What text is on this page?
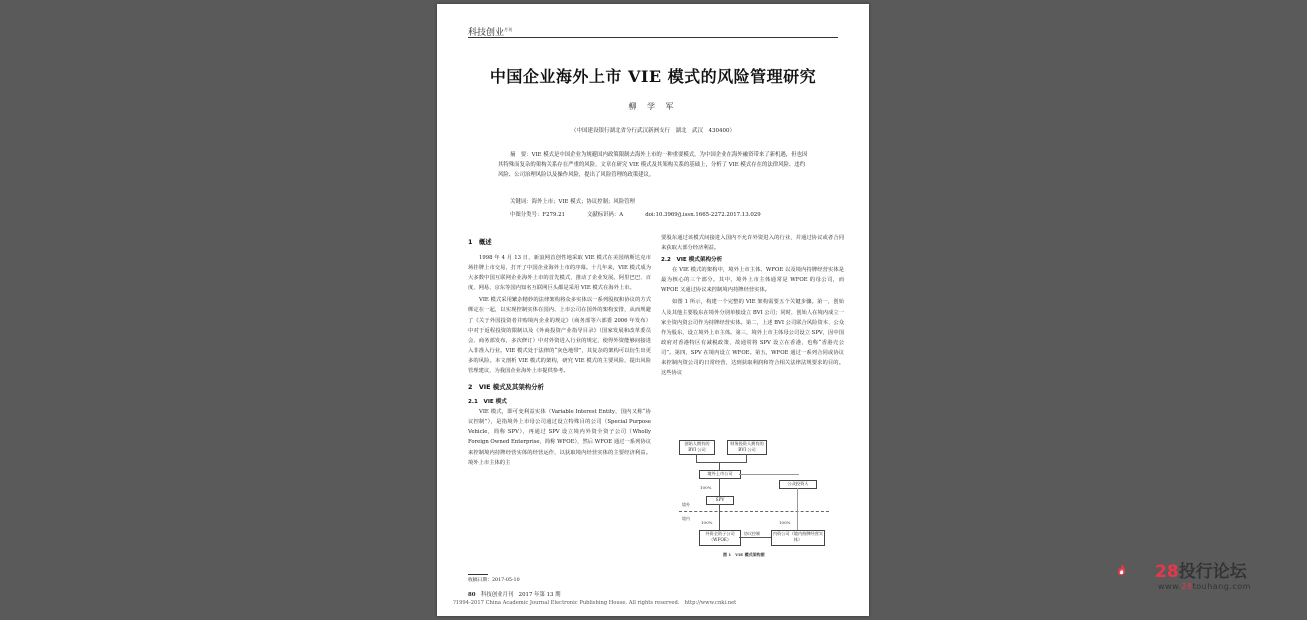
科技创业$^{月刊}$
中国企业海外上市 VIE 模式的风险管理研究
柳 学 军
（中国建设银行湖北省分行武汉新洲支行　湖北　武汉　430400）
摘　要：VIE 模式是中国企业为规避国内政策限制去海外上市的一种重要模式，为中国企业在海外融资带来了新机遇，但也因其特殊而复杂的架构关系存在严重的风险。文章在研究 VIE 模式及其架构关系的基础上，分析了 VIE 模式存在的法律风险、违约风险、公司治理风险以及操作风险，提出了风险管理的政策建议。
关键词：海外上市；VIE 模式；协议控制；风险管理
中图分类号：F279.21	文献标识码：A	doi:10.3969/j.issn.1665-2272.2017.13.029
1　概述
1998 年 4 月 13 日，新浪网首创性地采取 VIE 模式在美国纳斯达克市场挂牌上市交易，打开了中国企业海外上市的序幕。十几年来，VIE 模式成为大多数中国互联网企业海外上市的首先模式，推动了企业发展。阿里巴巴、百度、网易、京东等国内知名互联网巨头都是采用 VIE 模式在海外上市。
VIE 模式采用繁杂精妙的法律架构将众多实体以一系列股权和协议的方式绑定在一起，以实现控制实体在国内、上市公司在国外的架构安排，从而规避了《关于外国投资者并购境内企业的规定》（商务部等六部委 2006 年发布）中对于返程投资的限制以及《外商投资产业指导目录》（国家发展和改革委员会、商务部发布，多次修订）中对外资进入行业的规定，使得外资能够间接进入非准入行业。VIE 模式处于法律的“灰色地带”，其复杂的架构可以衍生出更多的风险。本文剖析 VIE 模式的架构，研究 VIE 模式的主要风险，提出风险管理建议，为我国企业海外上市提供参考。
2　VIE 模式及其架构分析
2.1　VIE 模式
VIE 模式，即可变利益实体（Variable Interest Entity，国内又称“协议控制”），是指境外上市母公司通过设立特殊目的公司（Special Purpose Vehicle，简称 SPV），再通过 SPV 设立境内外资全资子公司（Wholly Foreign Owned Enterprise，简称 WFOE），然后 WFOE 通过一系列协议来控制境内持牌经营实体的经营运作，以获取境内经营实体的主要经济利益。境外上市主体的主
要股东通过该模式间接进入国内不允许外资进入的行业，并通过协议或者合同来获取大部分经济利益。
2.2　VIE 模式架构分析
在 VIE 模式的架构中，境外上市主体、WFOE 以及境内持牌经营实体是最为核心的三个部分。其中，境外上市主体通常是 WFOE 的母公司，而 WFOE 又通过协议来控制境内持牌经营实体。
如图 1 所示，构建一个完整的 VIE 架构需要五个关键步骤。第一，创始人及其他主要股东在境外分别单独设立 BVI 公司；同时，创始人在境内成立一家全资内资公司作为持牌经营实体。第二，上述 BVI 公司联合风险资本、公众作为股东，设立境外上市主体。第三，境外上市主体母公司设立 SPV，因中国政府对香港特区有减税政策，故通常将 SPV 设立在香港，也称“香港壳公司”。第四，SPV 在境内设立 WFOE。第五，WFOE 通过一系列合同或协议来控制内资公司的日常经营，达到获取利润和符合相关法律法规要求的目的。这些协议
创始人拥有的 BVI 公司
财务投资人拥有的 BVI 公司
境外上市公司
公众投资人
100%
SPV
境外
境内
100%	100%
外资全资子公司（WFOE）
协议控制	内资公司（境内持牌经营实体）
图 1　VIE 模式架构图
收稿日期：2017-05-10
80　 科技创业月刊　2017 年第 13 期
?1994-2017 China Academic Journal Electronic Publishing House. All rights reserved.　http://www.cnki.net
28投行论坛
www.28touhang.com
